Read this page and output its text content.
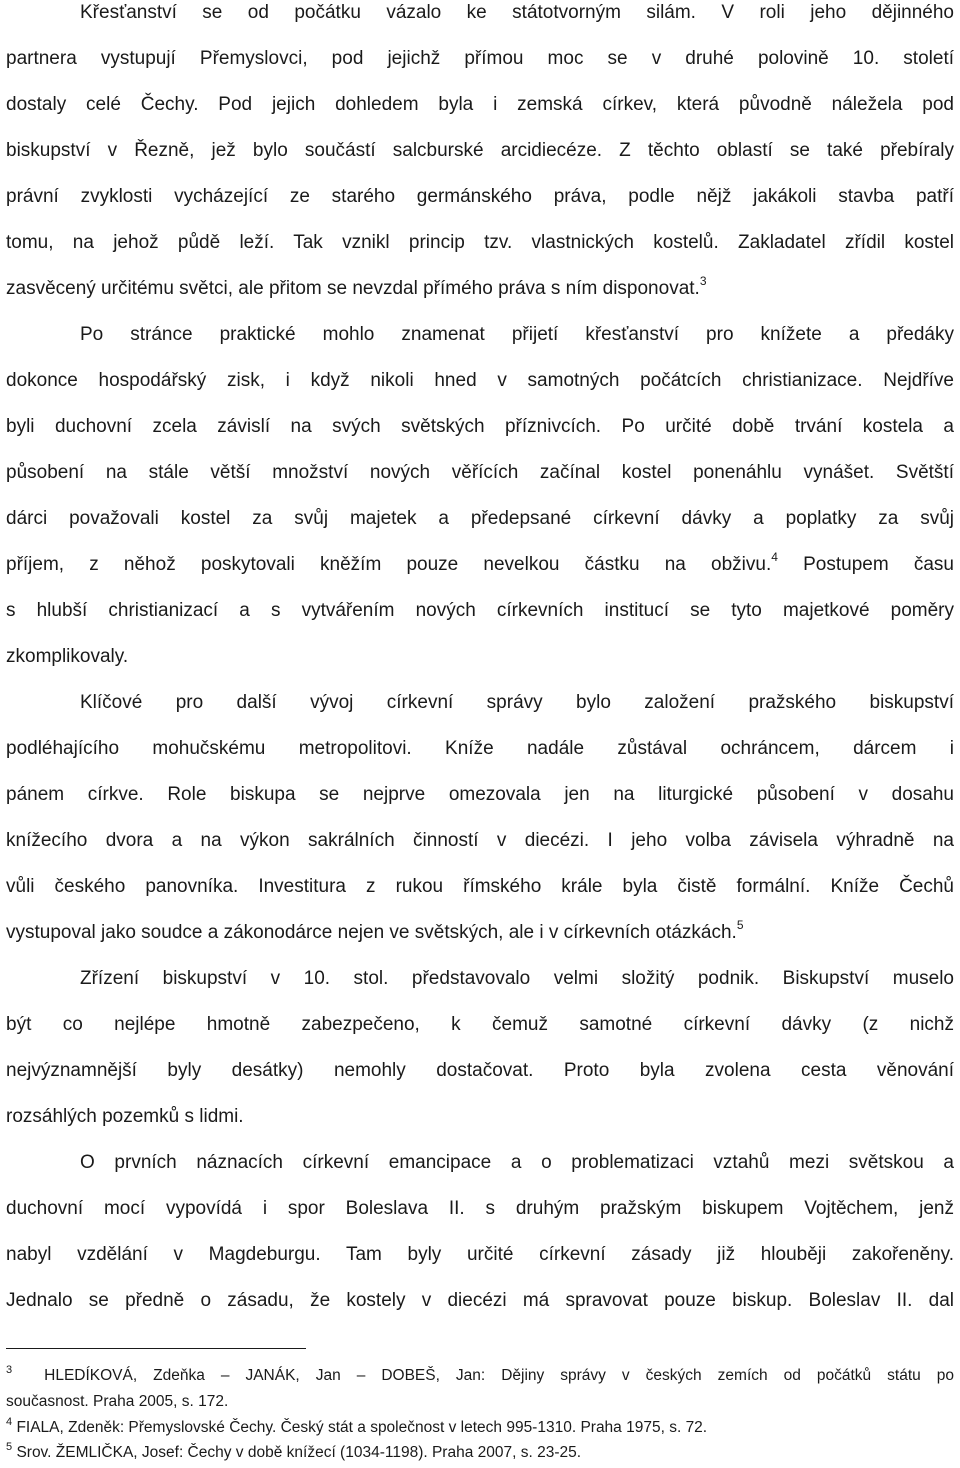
Křesťanství se od počátku vázalo ke státotvorným silám. V roli jeho dějinného
partnera vystupují Přemyslovci, pod jejichž přímou moc se v druhé polovině 10. století
dostaly celé Čechy. Pod jejich dohledem byla i zemská církev, která původně náležela pod
biskupství v Řezně, jež bylo součástí salcburské arcidiecéze. Z těchto oblastí se také přebíraly
právní zvyklosti vycházející ze starého germánského práva, podle nějž jakákoli stavba patří
tomu, na jehož půdě leží. Tak vznikl princip tzv. vlastnických kostelů. Zakladatel zřídil kostel
zasvěcený určitému světci, ale přitom se nevzdal přímého práva s ním disponovat.$^3$
Po stránce praktické mohlo znamenat přijetí křesťanství pro knížete a předáky
dokonce hospodářský zisk, i když nikoli hned v samotných počátcích christianizace. Nejdříve
byli duchovní zcela závislí na svých světských příznivcích. Po určité době trvání kostela a
působení na stále větší množství nových věřících začínal kostel ponenáhlu vynášet. Světští
dárci považovali kostel za svůj majetek a předepsané církevní dávky a poplatky za svůj
příjem, z něhož poskytovali kněžím pouze nevelkou částku na obživu.$^4$ Postupem času
s hlubší christianizací a s vytvářením nových církevních institucí se tyto majetkové poměry
zkomplikovaly.
Klíčové pro další vývoj církevní správy bylo založení pražského biskupství
podléhajícího mohučskému metropolitovi. Kníže nadále zůstával ochráncem, dárcem i
pánem církve. Role biskupa se nejprve omezovala jen na liturgické působení v dosahu
knížecího dvora a na výkon sakrálních činností v diecézi. I jeho volba závisela výhradně na
vůli českého panovníka. Investitura z rukou římského krále byla čistě formální. Kníže Čechů
vystupoval jako soudce a zákonodárce nejen ve světských, ale i v církevních otázkách.$^5$
Zřízení biskupství v 10. stol. představovalo velmi složitý podnik. Biskupství muselo
být co nejlépe hmotně zabezpečeno, k čemuž samotné církevní dávky (z nichž
nejvýznamnější byly desátky) nemohly dostačovat. Proto byla zvolena cesta věnování
rozsáhlých pozemků s lidmi.
O prvních náznacích církevní emancipace a o problematizaci vztahů mezi světskou a
duchovní mocí vypovídá i spor Boleslava II. s druhým pražským biskupem Vojtěchem, jenž
nabyl vzdělání v Magdeburgu. Tam byly určité církevní zásady již hlouběji zakořeněny.
Jednalo se předně o zásadu, že kostely v diecézi má spravovat pouze biskup. Boleslav II. dal
$^3$ HLEDÍKOVÁ, Zdeňka – JANÁK, Jan – DOBEŠ, Jan: Dějiny správy v českých zemích od počátků státu po
současnost. Praha 2005, s. 172.
$^4$ FIALA, Zdeněk: Přemyslovské Čechy. Český stát a společnost v letech 995-1310. Praha 1975, s. 72.
$^5$ Srov. ŽEMLIČKA, Josef: Čechy v době knížecí (1034-1198). Praha 2007, s. 23-25.
